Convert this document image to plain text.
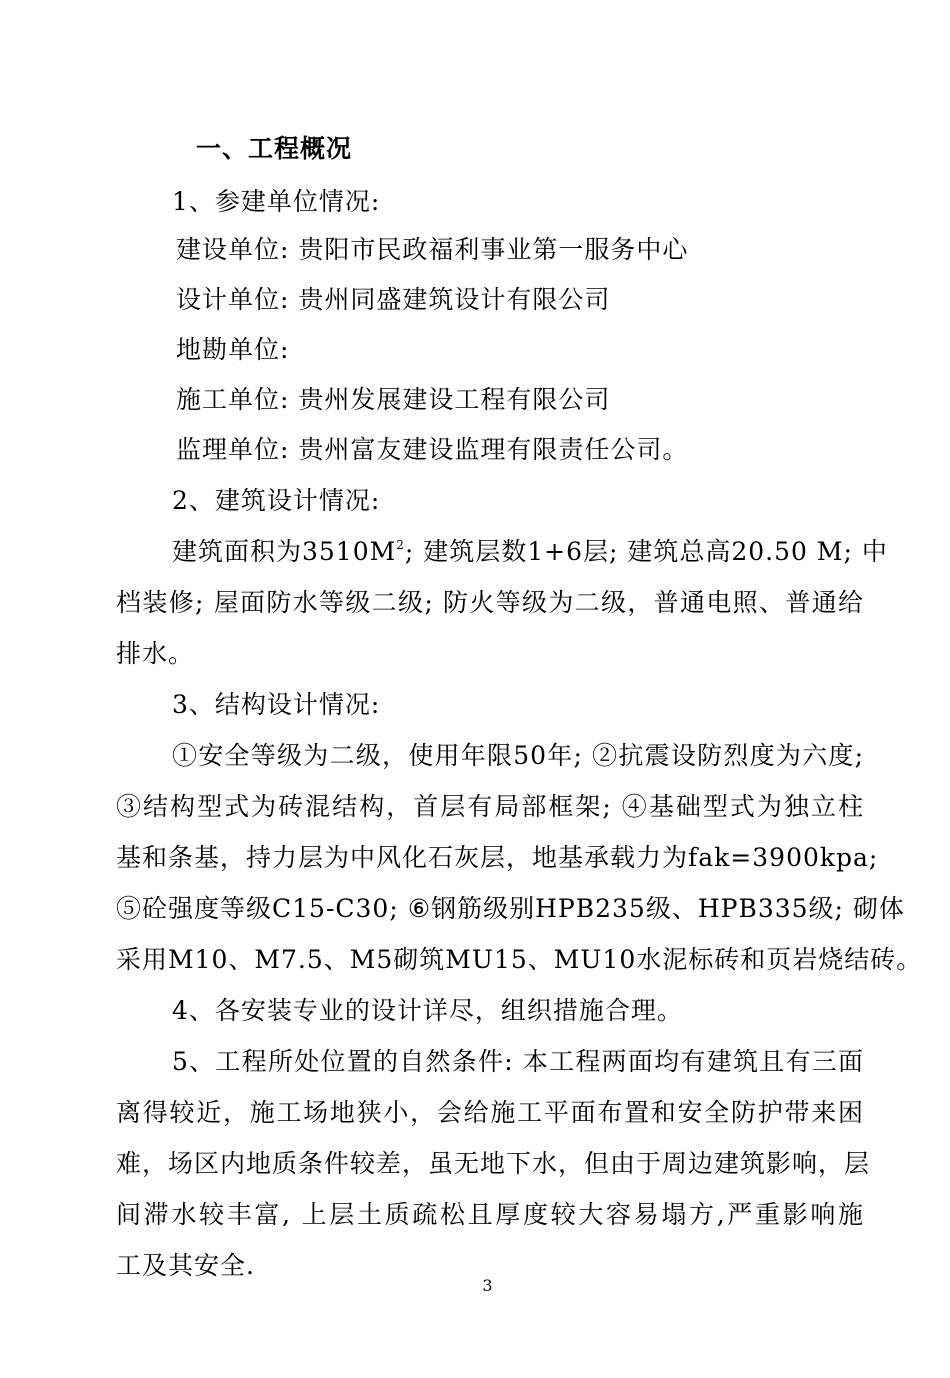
一、工程概况
1、参建单位情况:
建设单位: 贵阳市民政福利事业第一服务中心
设计单位: 贵州同盛建筑设计有限公司
地勘单位:
施工单位: 贵州发展建设工程有限公司
监理单位: 贵州富友建设监理有限责任公司。
2、建筑设计情况:
建筑面积为$3510M^2$; 建筑层数1+6层; 建筑总高20.50 M; 中
档装修; 屋面防水等级二级; 防火等级为二级，普通电照、普通给
排水。
3、结构设计情况:
①安全等级为二级，使用年限50年; ②抗震设防烈度为六度;
③结构型式为砖混结构，首层有局部框架; ④基础型式为独立柱
基和条基，持力层为中风化石灰层，地基承载力为fak=3900kpa;
⑤砼强度等级C15-C30; ⑥钢筋级别HPB235级、HPB335级; 砌体
采用M10、M7.5、M5砌筑MU15、MU10水泥标砖和页岩烧结砖。
4、各安装专业的设计详尽，组织措施合理。
5、工程所处位置的自然条件: 本工程两面均有建筑且有三面
离得较近，施工场地狭小，会给施工平面布置和安全防护带来困
难，场区内地质条件较差，虽无地下水，但由于周边建筑影响，层
间滞水较丰富, 上层土质疏松且厚度较大容易塌方,严重影响施
工及其安全.
3
